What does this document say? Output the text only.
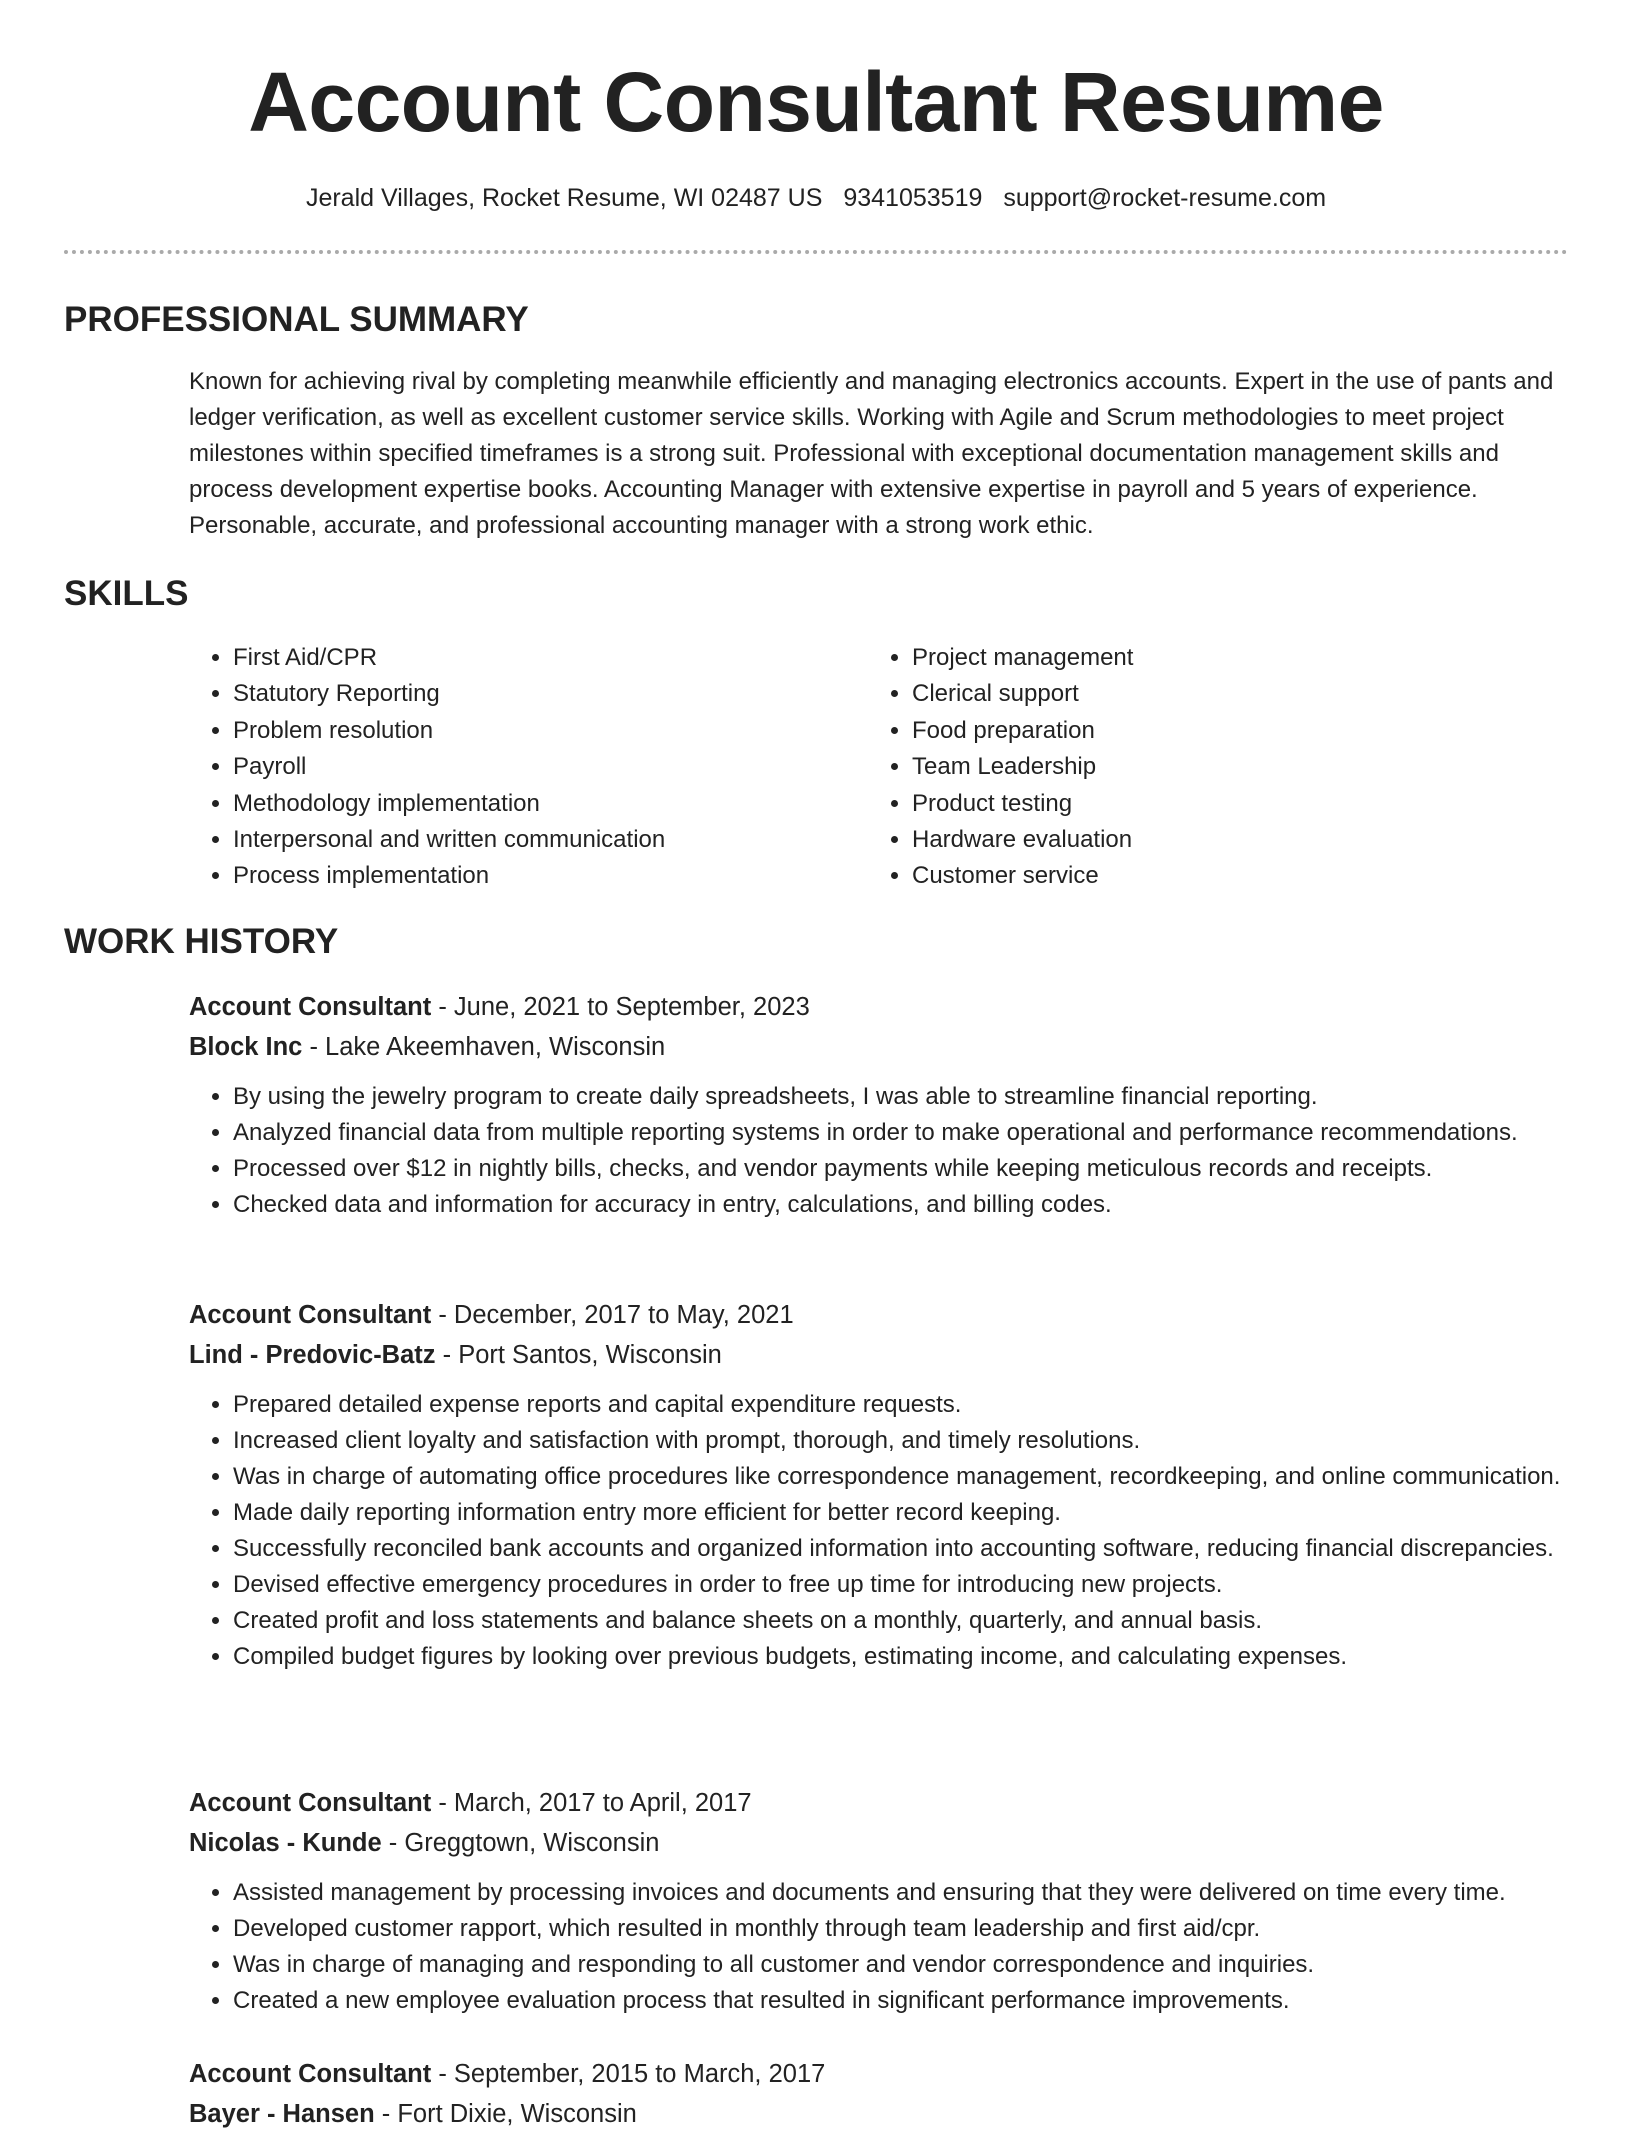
Account Consultant Resume
Jerald Villages, Rocket Resume, WI 02487 US 9341053519 support@rocket-resume.com
PROFESSIONAL SUMMARY

Known for achieving rival by completing meanwhile efficiently and managing electronics accounts. Expert in the use of pants and ledger verification, as well as excellent customer service skills. Working with Agile and Scrum methodologies to meet project milestones within specified timeframes is a strong suit. Professional with exceptional documentation management skills and process development expertise books. Accounting Manager with extensive expertise in payroll and 5 years of experience. Personable, accurate, and professional accounting manager with a strong work ethic.

SKILLS
• First Aid/CPR
• Statutory Reporting
• Problem resolution
• Payroll
• Methodology implementation
• Interpersonal and written communication
• Process implementation
• Project management
• Clerical support
• Food preparation
• Team Leadership
• Product testing
• Hardware evaluation
• Customer service
WORK HISTORY
Account Consultant - June, 2021 to September, 2023
Block Inc - Lake Akeemhaven, Wisconsin
• By using the jewelry program to create daily spreadsheets, I was able to streamline financial reporting.
• Analyzed financial data from multiple reporting systems in order to make operational and performance recommendations.
• Processed over $12 in nightly bills, checks, and vendor payments while keeping meticulous records and receipts.
• Checked data and information for accuracy in entry, calculations, and billing codes.
Account Consultant - December, 2017 to May, 2021
Lind - Predovic-Batz - Port Santos, Wisconsin
• Prepared detailed expense reports and capital expenditure requests.
• Increased client loyalty and satisfaction with prompt, thorough, and timely resolutions.
• Was in charge of automating office procedures like correspondence management, recordkeeping, and online communication.
• Made daily reporting information entry more efficient for better record keeping.
• Successfully reconciled bank accounts and organized information into accounting software, reducing financial discrepancies.
• Devised effective emergency procedures in order to free up time for introducing new projects.
• Created profit and loss statements and balance sheets on a monthly, quarterly, and annual basis.
• Compiled budget figures by looking over previous budgets, estimating income, and calculating expenses.
Account Consultant - March, 2017 to April, 2017
Nicolas - Kunde - Greggtown, Wisconsin
• Assisted management by processing invoices and documents and ensuring that they were delivered on time every time.
• Developed customer rapport, which resulted in monthly through team leadership and first aid/cpr.
• Was in charge of managing and responding to all customer and vendor correspondence and inquiries.
• Created a new employee evaluation process that resulted in significant performance improvements.
Account Consultant - September, 2015 to March, 2017
Bayer - Hansen - Fort Dixie, Wisconsin
